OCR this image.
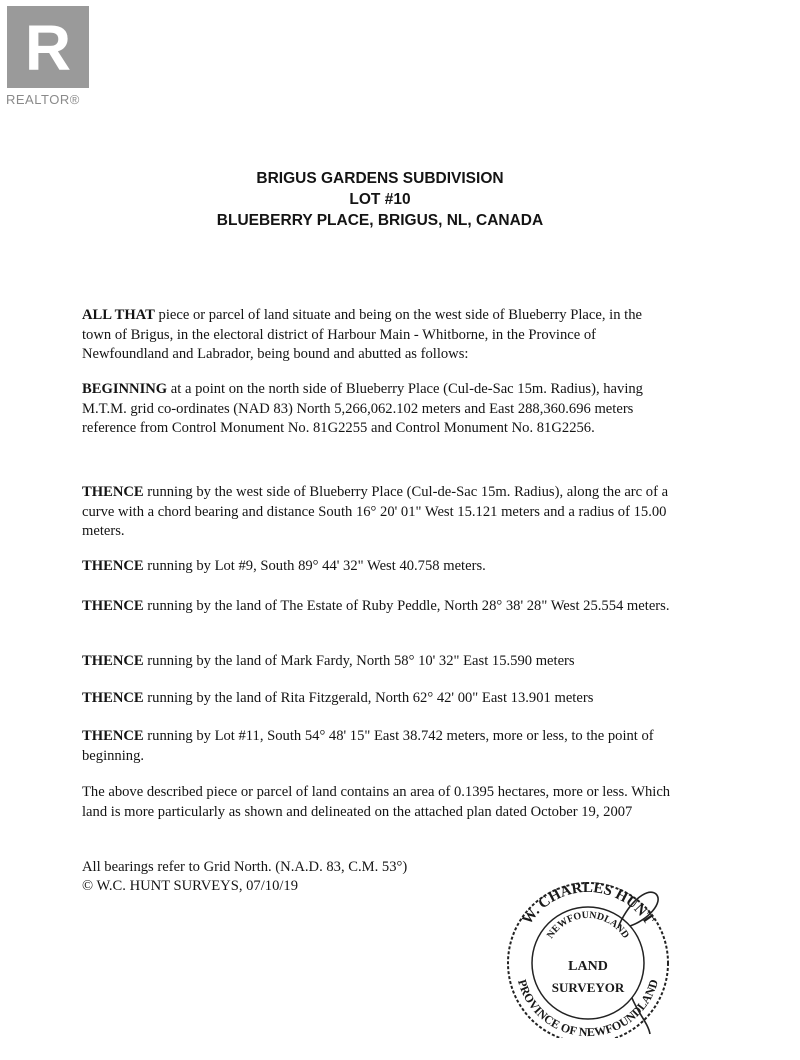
R
REALTOR®
BRIGUS GARDENS SUBDIVISION
LOT #10
BLUEBERRY PLACE, BRIGUS, NL, CANADA
ALL THAT piece or parcel of land situate and being on the west side of Blueberry Place, in the town of Brigus, in the electoral district of Harbour Main - Whitborne, in the Province of Newfoundland and Labrador, being bound and abutted as follows:
BEGINNING at a point on the north side of Blueberry Place (Cul-de-Sac 15m. Radius), having M.T.M. grid co-ordinates (NAD 83) North 5,266,062.102 meters and East 288,360.696 meters reference from Control Monument No. 81G2255 and Control Monument No. 81G2256.
THENCE running by the west side of Blueberry Place (Cul-de-Sac 15m. Radius), along the arc of a curve with a chord bearing and distance South 16° 20' 01" West 15.121 meters and a radius of 15.00 meters.
THENCE running by Lot #9, South 89° 44' 32" West 40.758 meters.
THENCE running by the land of The Estate of Ruby Peddle, North 28° 38' 28" West 25.554 meters.
THENCE running by the land of Mark Fardy, North 58° 10' 32" East 15.590 meters
THENCE running by the land of Rita Fitzgerald, North 62° 42' 00" East 13.901 meters
THENCE running by Lot #11, South 54° 48' 15" East 38.742 meters, more or less, to the point of beginning.
The above described piece or parcel of land contains an area of 0.1395 hectares, more or less. Which land is more particularly as shown and delineated on the attached plan dated October 19, 2007
All bearings refer to Grid North. (N.A.D. 83, C.M. 53°)
© W.C. HUNT SURVEYS, 07/10/19
W. CHARLES HUNT
NEWFOUNDLAND
LAND
SURVEYOR
PROVINCE OF NEWFOUNDLAND
